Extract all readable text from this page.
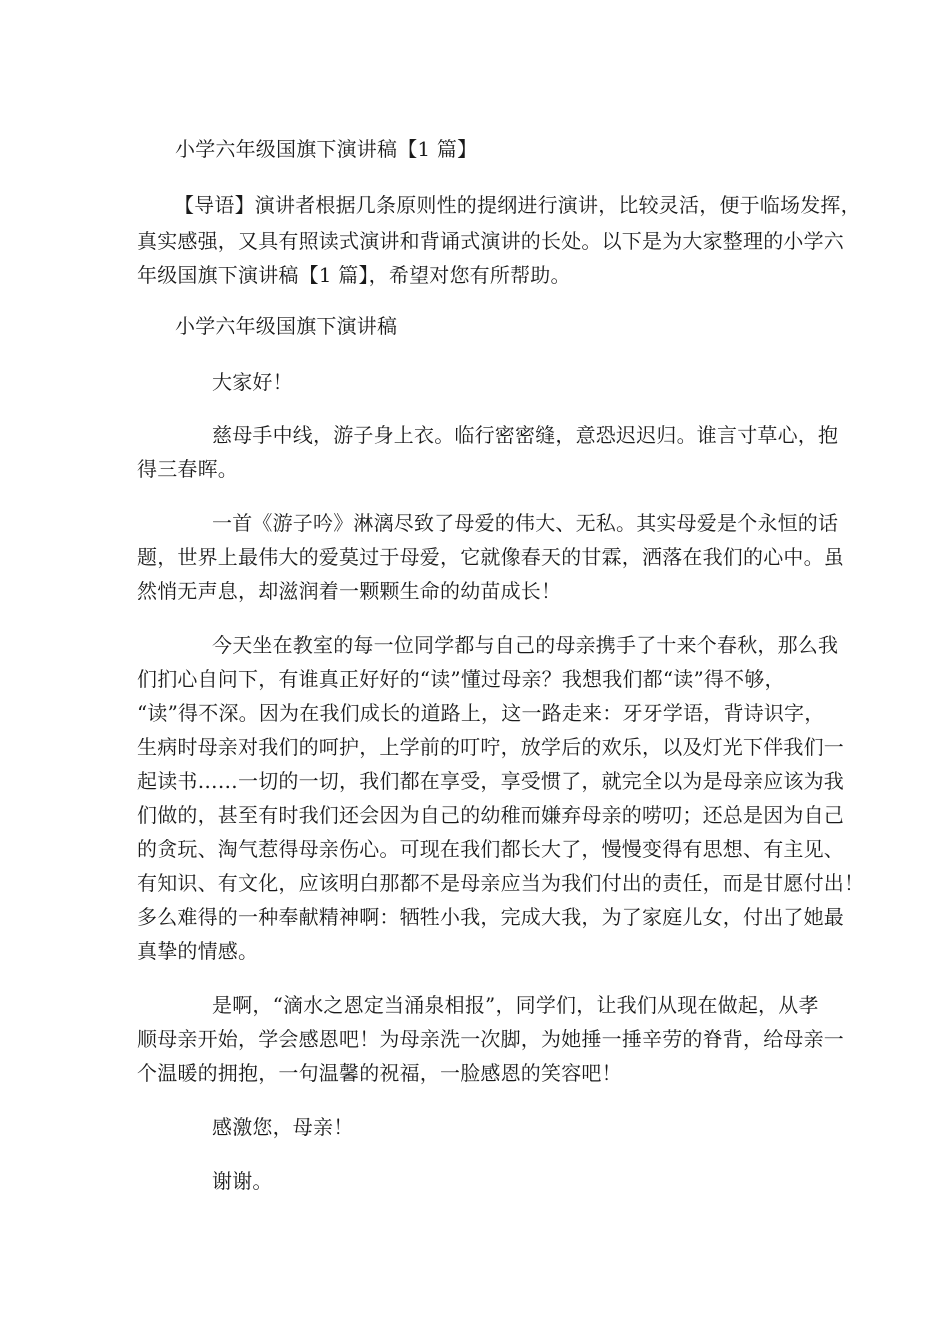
小学六年级国旗下演讲稿【1 篇】
【导语】演讲者根据几条原则性的提纲进行演讲，比较灵活，便于临场发挥，
真实感强，又具有照读式演讲和背诵式演讲的长处。以下是为大家整理的小学六
年级国旗下演讲稿【1 篇】，希望对您有所帮助。
小学六年级国旗下演讲稿
大家好！
慈母手中线，游子身上衣。临行密密缝，意恐迟迟归。谁言寸草心，抱
得三春晖。
一首《游子吟》淋漓尽致了母爱的伟大、无私。其实母爱是个永恒的话
题，世界上最伟大的爱莫过于母爱，它就像春天的甘霖，洒落在我们的心中。虽
然悄无声息，却滋润着一颗颗生命的幼苗成长！
今天坐在教室的每一位同学都与自己的母亲携手了十来个春秋，那么我
们扪心自问下，有谁真正好好的“读”懂过母亲？我想我们都“读”得不够，
“读”得不深。因为在我们成长的道路上，这一路走来：牙牙学语，背诗识字，
生病时母亲对我们的呵护，上学前的叮咛，放学后的欢乐，以及灯光下伴我们一
起读书……一切的一切，我们都在享受，享受惯了，就完全以为是母亲应该为我
们做的，甚至有时我们还会因为自己的幼稚而嫌弃母亲的唠叨；还总是因为自己
的贪玩、淘气惹得母亲伤心。可现在我们都长大了，慢慢变得有思想、有主见、
有知识、有文化，应该明白那都不是母亲应当为我们付出的责任，而是甘愿付出！
多么难得的一种奉献精神啊：牺牲小我，完成大我，为了家庭儿女，付出了她最
真挚的情感。
是啊，“滴水之恩定当涌泉相报”，同学们，让我们从现在做起，从孝
顺母亲开始，学会感恩吧！为母亲洗一次脚，为她捶一捶辛劳的脊背，给母亲一
个温暖的拥抱，一句温馨的祝福，一脸感恩的笑容吧！
感激您，母亲！
谢谢。
